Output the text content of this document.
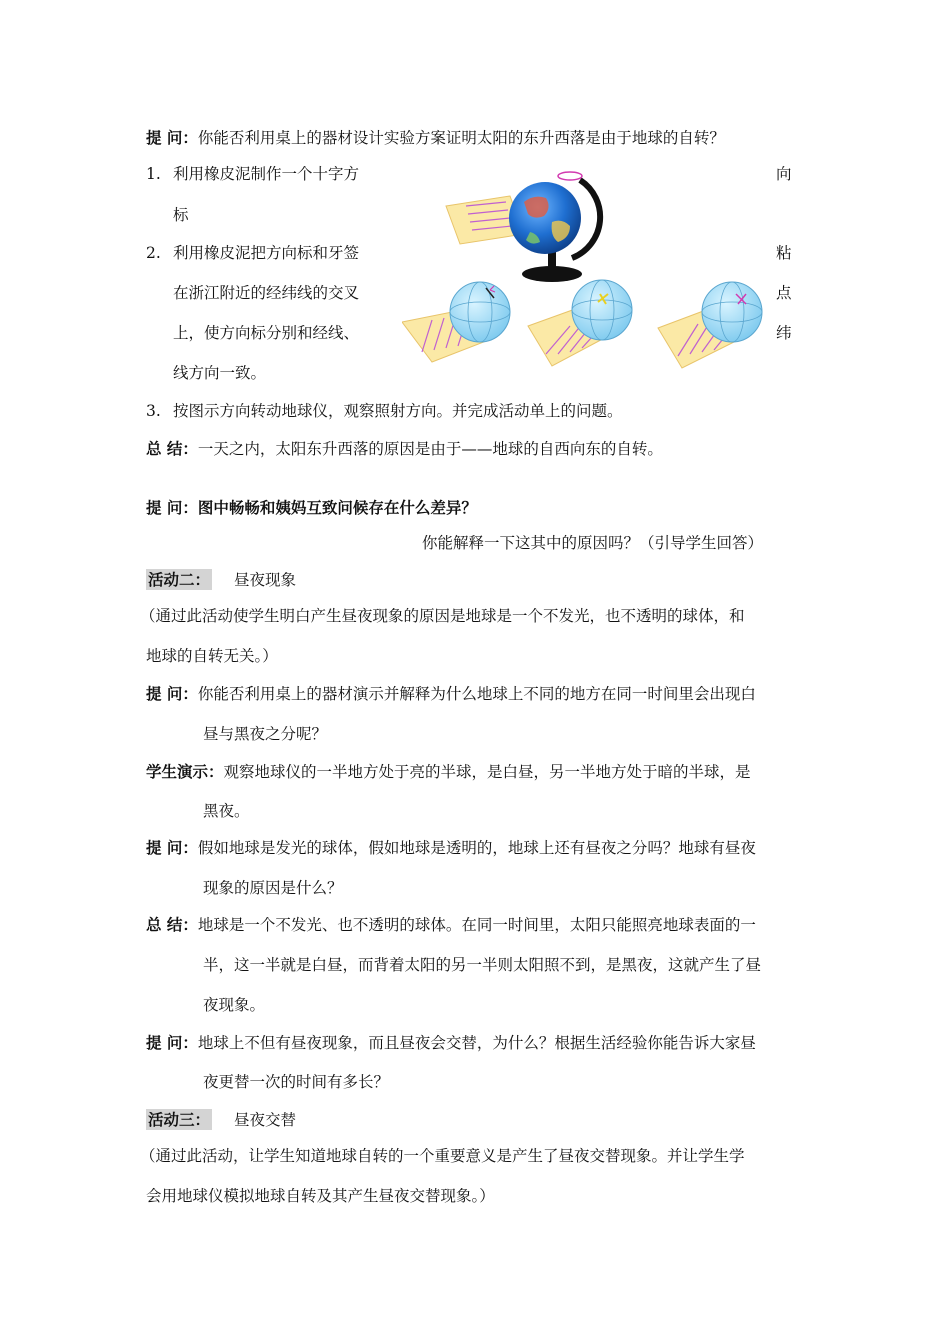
提 问：你能否利用桌上的器材设计实验方案证明太阳的东升西落是由于地球的自转？
1. 利用橡皮泥制作一个十字方	向
标
2. 利用橡皮泥把方向标和牙签	粘
在浙江附近的经纬线的交叉	点
上，使方向标分别和经线、	纬
线方向一致。
3. 按图示方向转动地球仪，观察照射方向。并完成活动单上的问题。
总 结：一天之内，太阳东升西落的原因是由于——地球的自西向东的自转。
提 问：图中畅畅和姨妈互致问候存在什么差异？
你能解释一下这其中的原因吗？（引导学生回答）
活动二： 昼夜现象
（通过此活动使学生明白产生昼夜现象的原因是地球是一个不发光，也不透明的球体，和
地球的自转无关。）
提 问：你能否利用桌上的器材演示并解释为什么地球上不同的地方在同一时间里会出现白
昼与黑夜之分呢？
学生演示：观察地球仪的一半地方处于亮的半球，是白昼，另一半地方处于暗的半球，是
黑夜。
提 问：假如地球是发光的球体，假如地球是透明的，地球上还有昼夜之分吗？地球有昼夜
现象的原因是什么？
总 结：地球是一个不发光、也不透明的球体。在同一时间里，太阳只能照亮地球表面的一
半，这一半就是白昼，而背着太阳的另一半则太阳照不到，是黑夜，这就产生了昼
夜现象。
提 问：地球上不但有昼夜现象，而且昼夜会交替，为什么？根据生活经验你能告诉大家昼
夜更替一次的时间有多长？
活动三： 昼夜交替
（通过此活动，让学生知道地球自转的一个重要意义是产生了昼夜交替现象。并让学生学
会用地球仪模拟地球自转及其产生昼夜交替现象。）
